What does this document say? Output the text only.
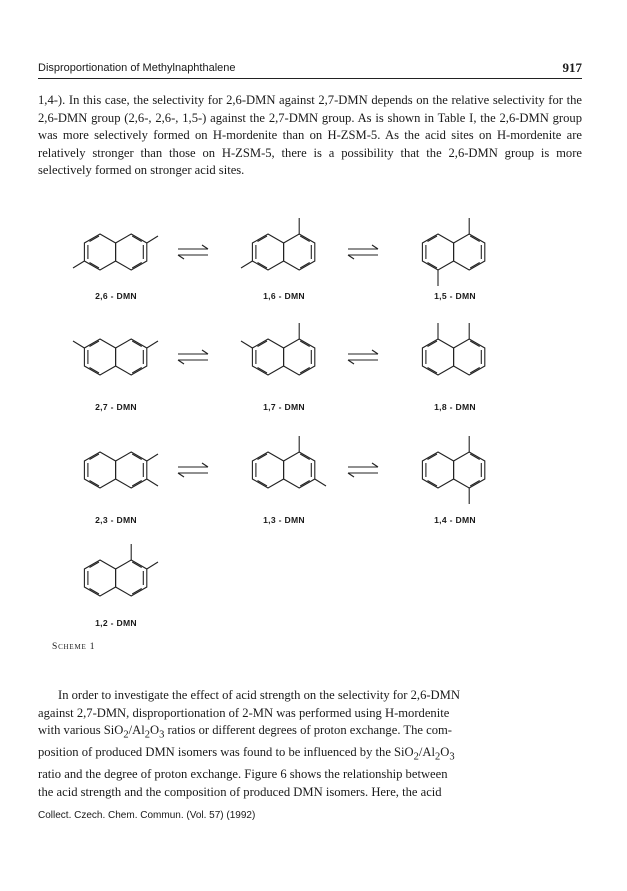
Disproportionation of Methylnaphthalene	917

1,4-). In this case, the selectivity for 2,6-DMN against 2,7-DMN depends on the relative selectivity for the 2,6-DMN group (2,6-, 2,6-, 1,5-) against the 2,7-DMN group. As is shown in Table I, the 2,6-DMN group was more selectively formed on H-mordenite than on H-ZSM-5. As the acid sites on H-mordenite are relatively stronger than those on H-ZSM-5, there is a possibility that the 2,6-DMN group is more selectively formed on stronger acid sites.

2,6 - DMN	1,6 - DMN	1,5 - DMN
2,7 - DMN	1,7 - DMN	1,8 - DMN
2,3 - DMN	1,3 - DMN	1,4 - DMN
1,2 - DMN
Scheme 1
In order to investigate the effect of acid strength on the selectivity for 2,6-DMN
against 2,7-DMN, disproportionation of 2-MN was performed using H-mordenite
with various $SiO_2/Al_2O_3$ ratios or different degrees of proton exchange. The com-
position of produced DMN isomers was found to be influenced by the $SiO_2/Al_2O_3$
ratio and the degree of proton exchange. Figure 6 shows the relationship between
the acid strength and the composition of produced DMN isomers. Here, the acid
Collect. Czech. Chem. Commun. (Vol. 57) (1992)
